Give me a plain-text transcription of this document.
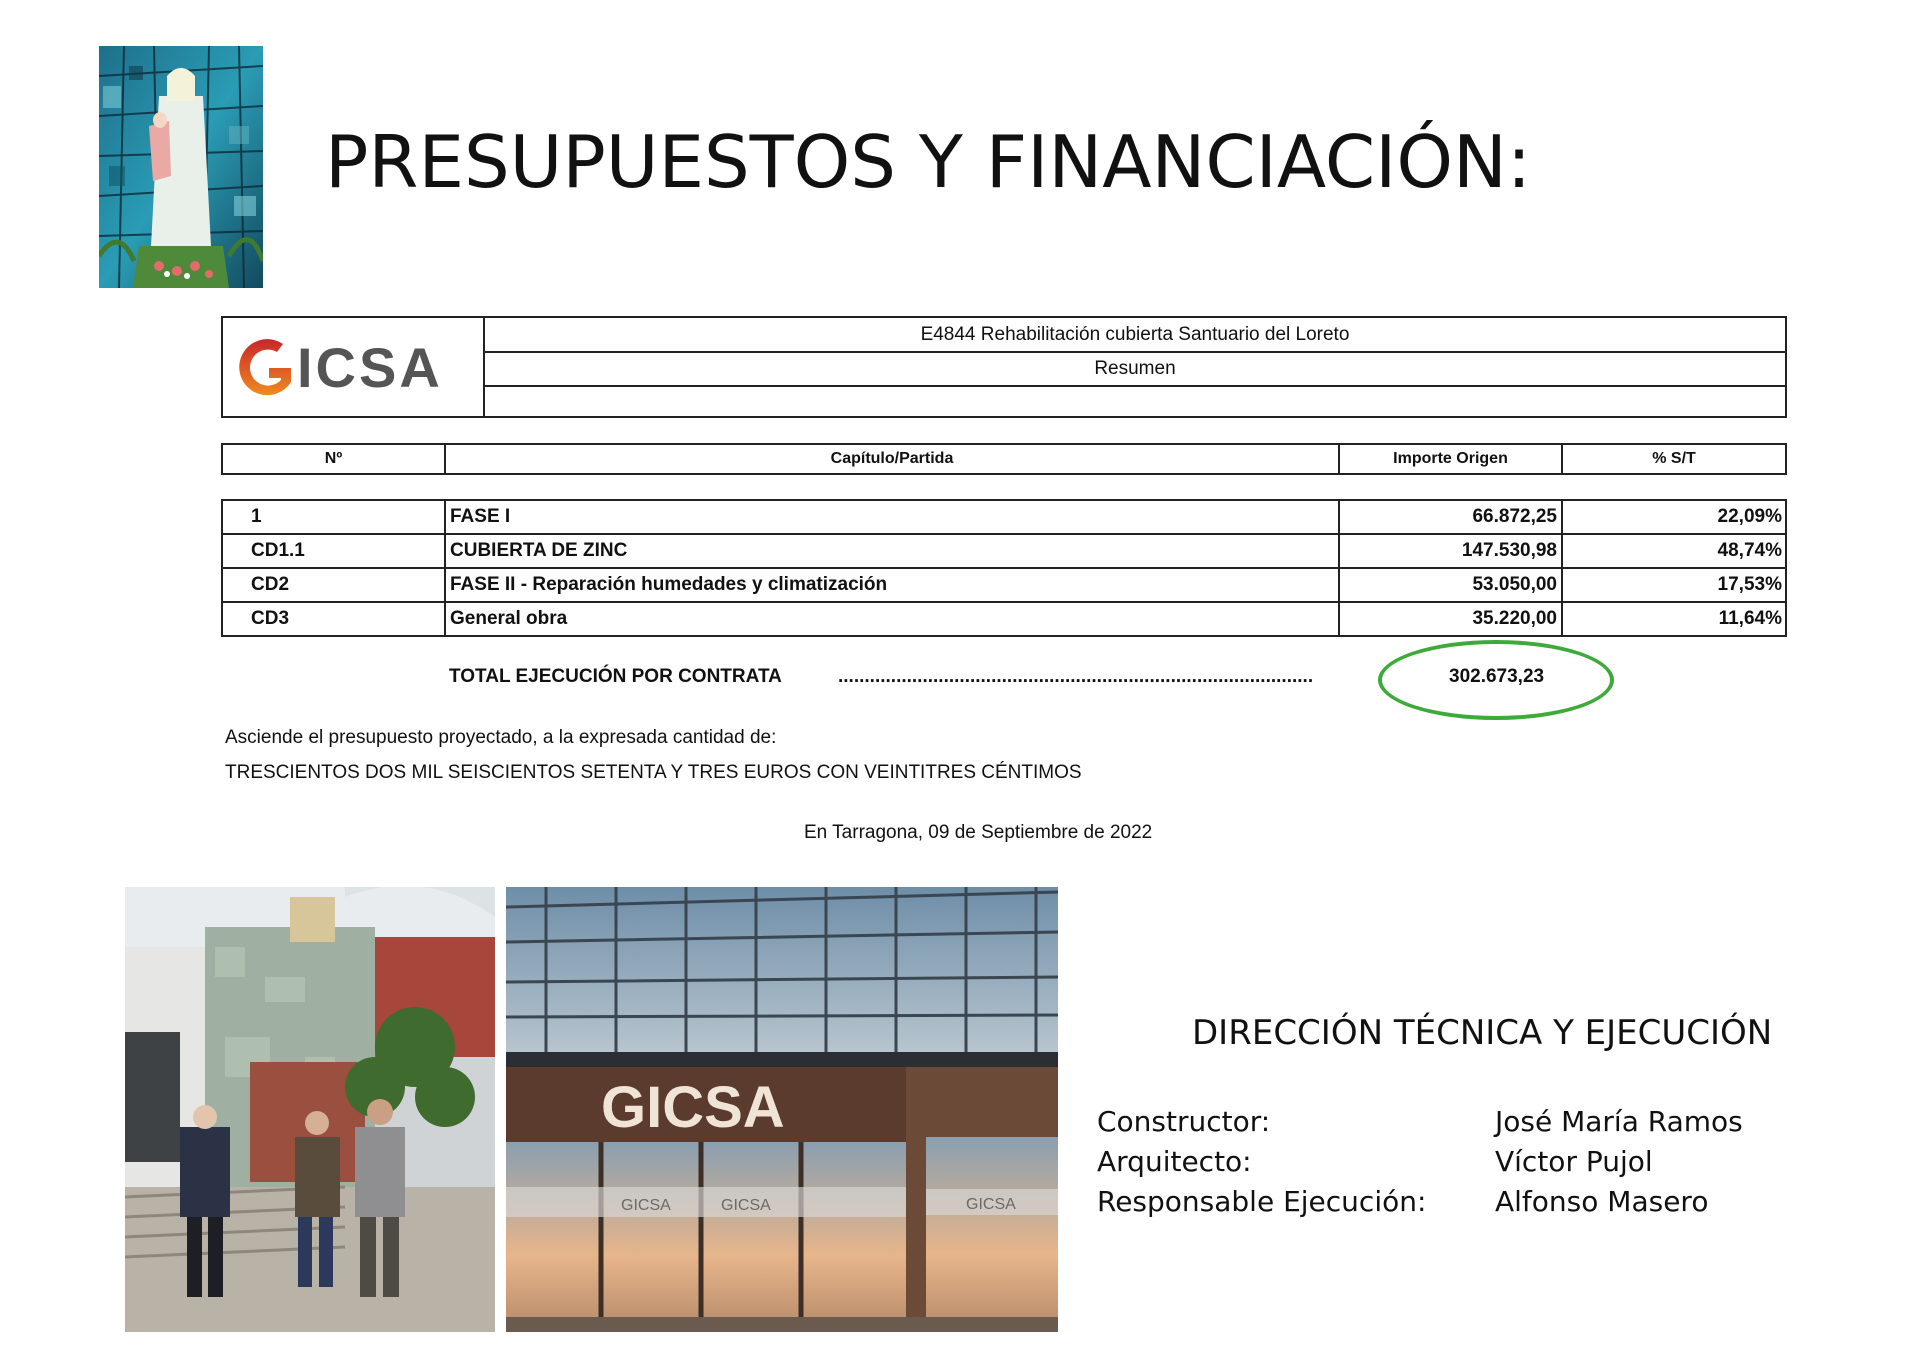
PRESUPUESTOS Y FINANCIACIÓN:
ICSA
E4844 Rehabilitación cubierta Santuario del Loreto
Resumen
Nº	Capítulo/Partida	Importe Origen	% S/T
1	FASE I	66.872,25	22,09%
CD1.1	CUBIERTA DE ZINC	147.530,98	48,74%
CD2	FASE II - Reparación humedades y climatización	53.050,00	17,53%
CD3	General obra	35.220,00	11,64%
TOTAL EJECUCIÓN POR CONTRATA	..........................................................................................	302.673,23
Asciende el presupuesto proyectado, a la expresada cantidad de:
TRESCIENTOS DOS MIL SEISCIENTOS SETENTA Y TRES EUROS CON VEINTITRES CÉNTIMOS
En Tarragona, 09 de Septiembre de 2022
GICSA
GICSA	GICSA	GICSA
DIRECCIÓN TÉCNICA Y EJECUCIÓN
Constructor:	José María Ramos
Arquitecto:	Víctor Pujol
Responsable Ejecución: Alfonso Masero
